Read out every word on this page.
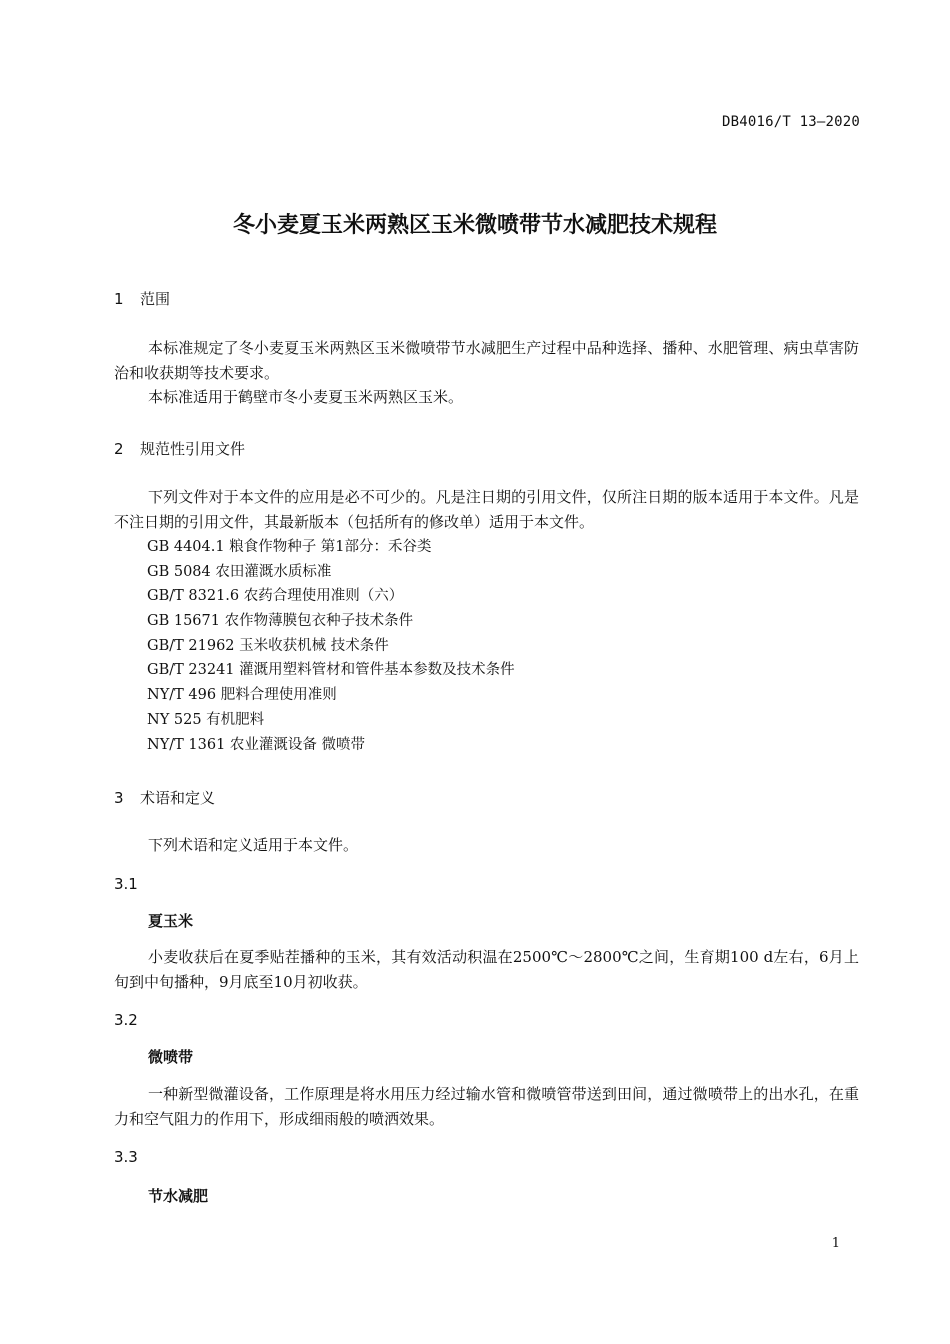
DB4016/T 13—2020
冬小麦夏玉米两熟区玉米微喷带节水减肥技术规程
1 范围
本标准规定了冬小麦夏玉米两熟区玉米微喷带节水减肥生产过程中品种选择、播种、水肥管理、病虫草害防治和收获期等技术要求。
本标准适用于鹤壁市冬小麦夏玉米两熟区玉米。
2 规范性引用文件
下列文件对于本文件的应用是必不可少的。凡是注日期的引用文件，仅所注日期的版本适用于本文件。凡是不注日期的引用文件，其最新版本（包括所有的修改单）适用于本文件。
GB 4404.1 粮食作物种子 第1部分：禾谷类
GB 5084 农田灌溉水质标准
GB/T 8321.6 农药合理使用准则（六）
GB 15671 农作物薄膜包衣种子技术条件
GB/T 21962 玉米收获机械 技术条件
GB/T 23241 灌溉用塑料管材和管件基本参数及技术条件
NY/T 496 肥料合理使用准则
NY 525 有机肥料
NY/T 1361 农业灌溉设备 微喷带
3 术语和定义
下列术语和定义适用于本文件。
3.1
夏玉米
小麦收获后在夏季贴茬播种的玉米，其有效活动积温在2500℃～2800℃之间，生育期100 d左右，6月上旬到中旬播种，9月底至10月初收获。
3.2
微喷带
一种新型微灌设备，工作原理是将水用压力经过输水管和微喷管带送到田间，通过微喷带上的出水孔，在重力和空气阻力的作用下，形成细雨般的喷洒效果。
3.3
节水减肥
1
